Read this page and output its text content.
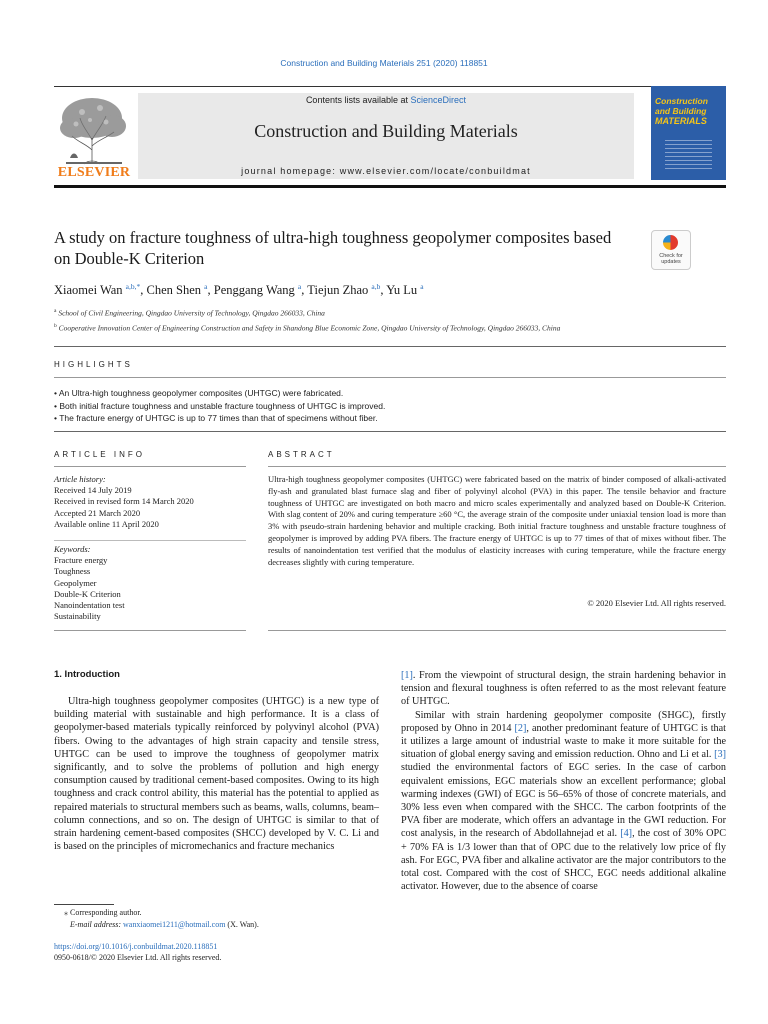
Construction and Building Materials 251 (2020) 118851
ELSEVIER
Contents lists available at ScienceDirect
Construction and Building Materials
journal homepage: www.elsevier.com/locate/conbuildmat
Construction
and Building

MATERIALS
A study on fracture toughness of ultra-high toughness geopolymer composites based on Double-K Criterion	Check for updates
Xiaomei Wan $^{a,b,*}$, Chen Shen $^a$, Penggang Wang $^a$, Tiejun Zhao $^{a,b}$, Yu Lu $^a$
$^a$ School of Civil Engineering, Qingdao University of Technology, Qingdao 266033, China
$^b$ Cooperative Innovation Center of Engineering Construction and Safety in Shandong Blue Economic Zone, Qingdao University of Technology, Qingdao 266033, China
HIGHLIGHTS
• An Ultra-high toughness geopolymer composites (UHTGC) were fabricated.
• Both initial fracture toughness and unstable fracture toughness of UHTGC is improved.
• The fracture energy of UHTGC is up to 77 times than that of specimens without fiber.
ARTICLE INFO	ABSTRACT
Article history:
Received 14 July 2019
Received in revised form 14 March 2020
Accepted 21 March 2020
Available online 11 April 2020
Keywords:
Fracture energy
Toughness
Geopolymer
Double-K Criterion
Nanoindentation test
Sustainability
Ultra-high toughness geopolymer composites (UHTGC) were fabricated based on the matrix of binder composed of alkali-activated fly-ash and granulated blast furnace slag and fiber of polyvinyl alcohol (PVA) in this paper. The tensile behavior and fracture toughness of UHTGC are investigated on both macro and micro scales experimentally and analyzed based on Double-K Criterion. With slag content of 20% and curing temperature ≥60 °C, the average strain of the composite under uniaxial tension load is more than 3% with pseudo-strain hardening behavior and multiple cracking. Both initial fracture toughness and unstable fracture toughness of geopolymer is improved by adding PVA fibers. The fracture energy of UHTGC is up to 77 times of that of mixes without fiber. The results of nanoindentation test verified that the modulus of elasticity increases with curing temperature, while the fracture energy decreases slightly with curing temperature.
© 2020 Elsevier Ltd. All rights reserved.
1. Introduction
Ultra-high toughness geopolymer composites (UHTGC) is a new type of building material with sustainable and high performance. It is a class of geopolymer-based materials typically reinforced by polyvinyl alcohol (PVA) fibers. Owing to the advantages of high strain capacity and tensile stress, UHTGC can be used to improve the toughness of geopolymer matrix significantly, and to solve the problems of pollution and high energy consumption caused by traditional cement-based composites. Owing to its high toughness and crack control ability, this material has the potential to applied as repaired materials to structural members such as beams, walls, columns, beam–column connections, and so on. The design of UHTGC is similar to that of strain hardening cement-based composites (SHCC) developed by V. C. Li and is based on the principles of micromechanics and fracture mechanics

[1]. From the viewpoint of structural design, the strain hardening behavior in tension and flexural toughness is often referred to as the most relevant feature of UHTGC.

Similar with strain hardening geopolymer composite (SHGC), firstly proposed by Ohno in 2014 [2], another predominant feature of UHTGC is that it utilizes a large amount of industrial waste to make it more suitable for the situation of global energy saving and emission reduction. Ohno and Li et al. [3] studied the environmental factors of EGC series. In the case of carbon equivalent emissions, EGC materials show an excellent performance; global warming indexes (GWI) of EGC is 56–65% of those of concrete materials, and 30% less even when compared with the SHCC. The carbon footprints of the PVA fiber are moderate, which offers an advantage in the GWI reduction. For cost analysis, in the research of Abdollahnejad et al. [4], the cost of 30% OPC + 70% FA is 1/3 lower than that of OPC due to the relatively low price of fly ash. For EGC, PVA fiber and alkaline activator are the major contributors to the total cost. Compared with the cost of SHCC, EGC needs additional alkaline activator. However, due to the absence of coarse

⁎ Corresponding author.
E-mail address: wanxiaomei1211@hotmail.com (X. Wan).
https://doi.org/10.1016/j.conbuildmat.2020.118851
0950-0618/© 2020 Elsevier Ltd. All rights reserved.
